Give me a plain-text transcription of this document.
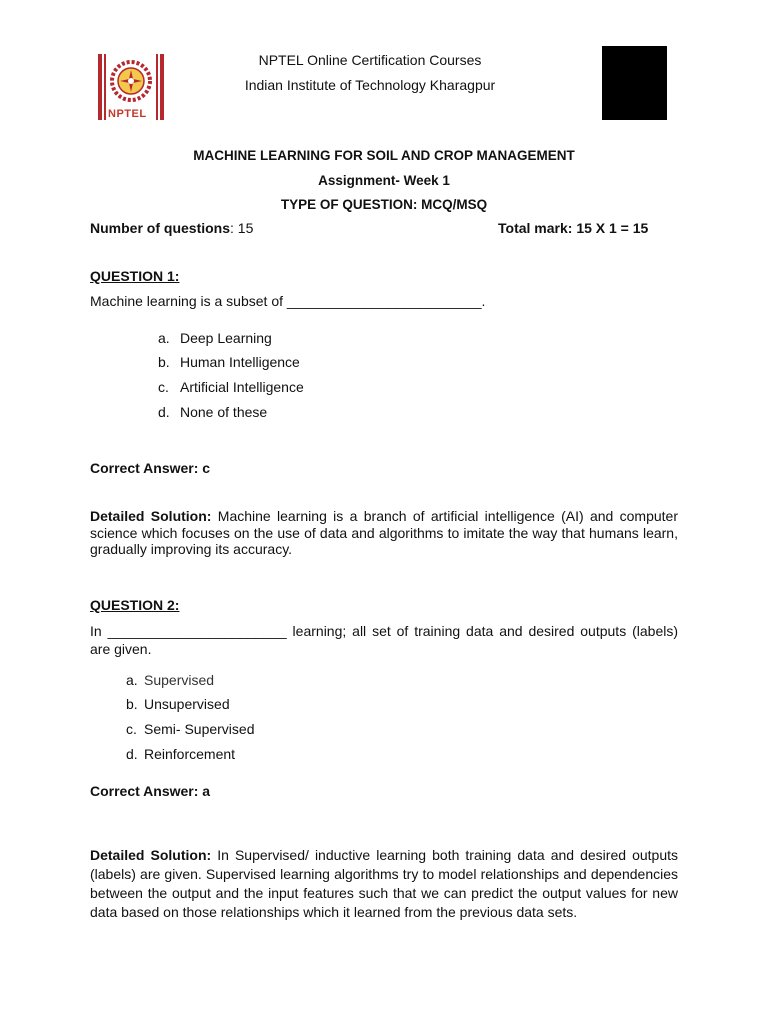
NPTEL
NPTEL Online Certification Courses
Indian Institute of Technology Kharagpur
MACHINE LEARNING FOR SOIL AND CROP MANAGEMENT
Assignment- Week 1
TYPE OF QUESTION: MCQ/MSQ
Number of questions: 15	Total mark: 15 X 1 = 15
QUESTION 1:
Machine learning is a subset of _________________________.
a. Deep Learning
b. Human Intelligence
c. Artificial Intelligence
d. None of these
Correct Answer: c
Detailed Solution: Machine learning is a branch of artificial intelligence (AI) and computer science which focuses on the use of data and algorithms to imitate the way that humans learn, gradually improving its accuracy.
QUESTION 2:
In _______________________ learning; all set of training data and desired outputs (labels) are given.
a. Supervised
b. Unsupervised
c. Semi- Supervised
d. Reinforcement
Correct Answer: a
Detailed Solution: In Supervised/ inductive learning both training data and desired outputs (labels) are given. Supervised learning algorithms try to model relationships and dependencies between the output and the input features such that we can predict the output values for new data based on those relationships which it learned from the previous data sets.
